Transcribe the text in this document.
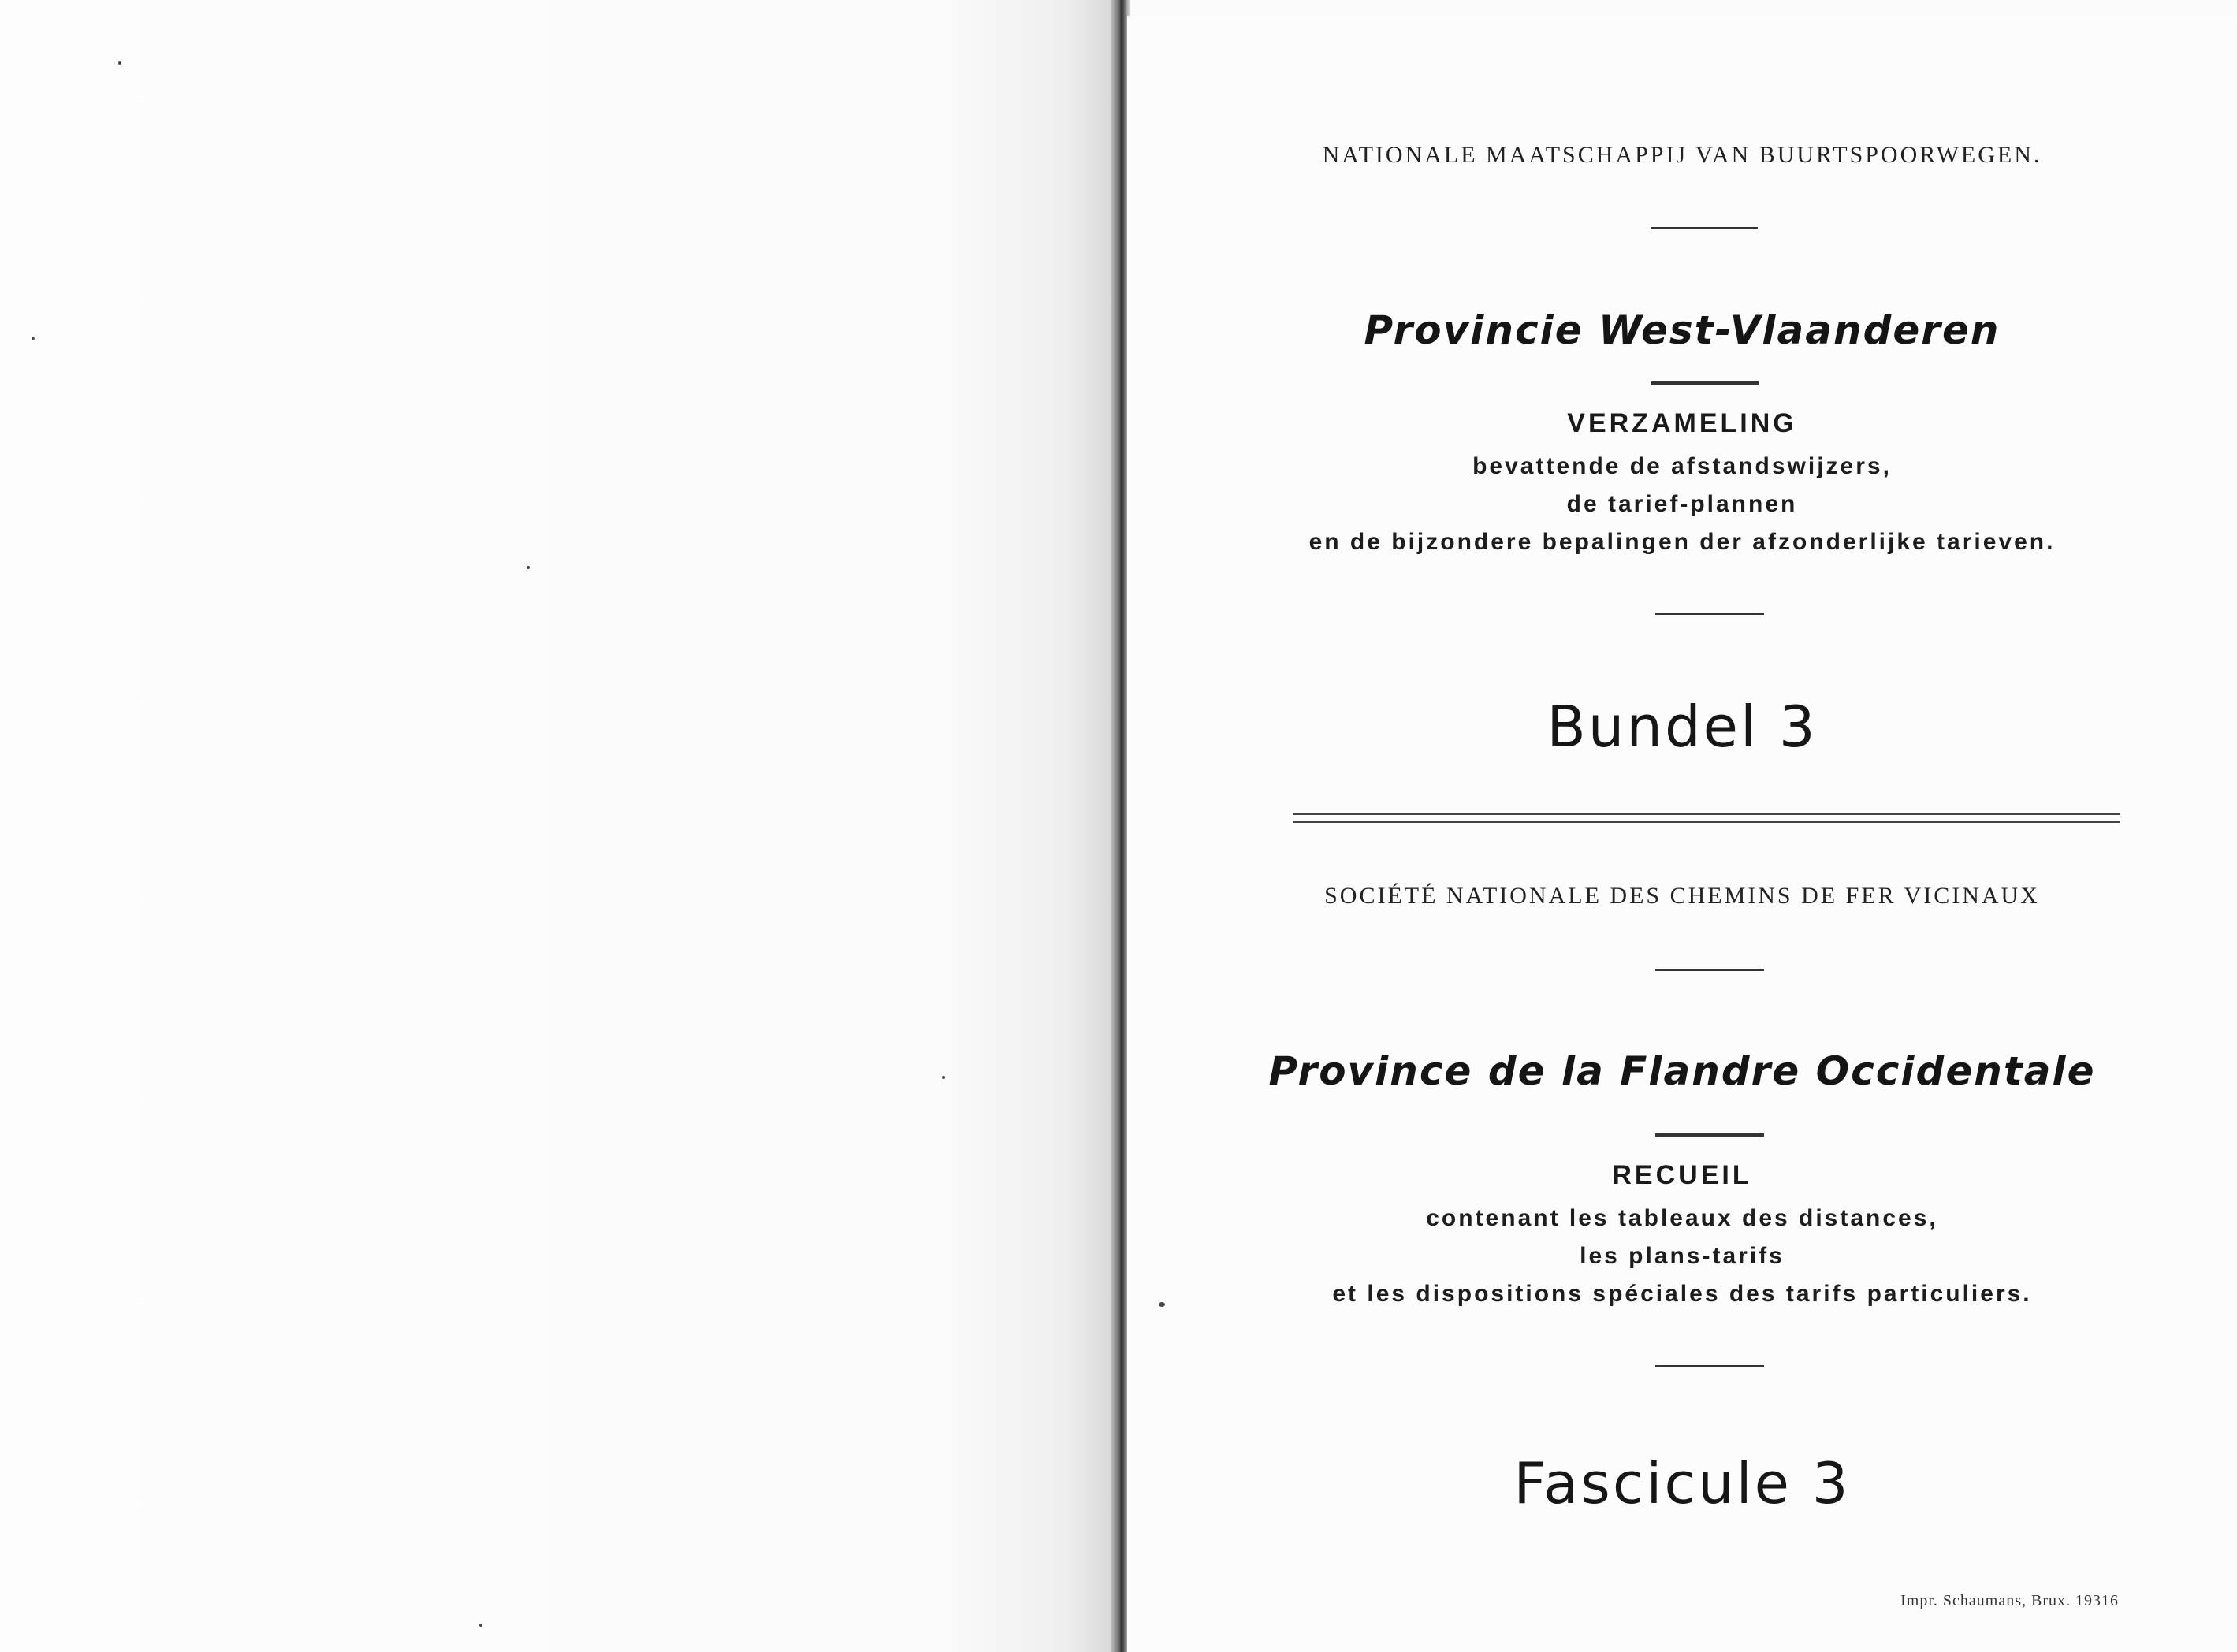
NATIONALE MAATSCHAPPIJ VAN BUURTSPOORWEGEN.
Provincie West-Vlaanderen
VERZAMELING
bevattende de afstandswijzers,
de tarief-plannen
en de bijzondere bepalingen der afzonderlijke tarieven.
Bundel 3
SOCIÉTÉ NATIONALE DES CHEMINS DE FER VICINAUX
Province de la Flandre Occidentale
RECUEIL
contenant les tableaux des distances,
les plans-tarifs
et les dispositions spéciales des tarifs particuliers.
Fascicule 3
Impr. Schaumans, Brux. 19316
